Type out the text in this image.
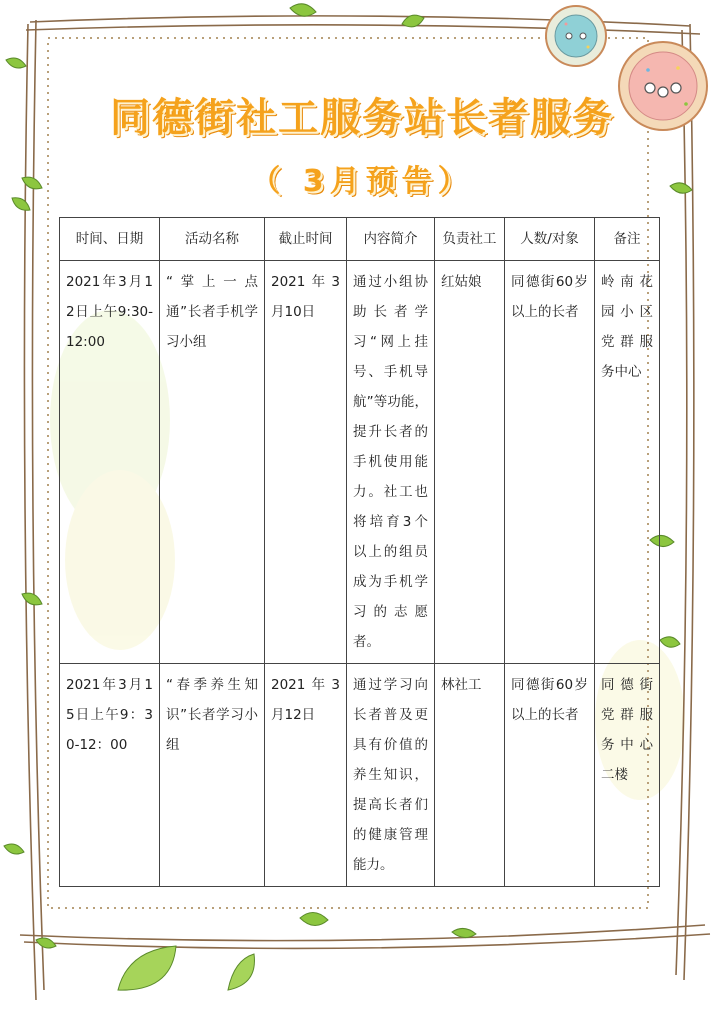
同德街社工服务站长者服务
（ 3月预告）
时间、日期	活动名称	截止时间	内容简介	负责社工	人数/对象	备注
2021年3月12日上午9:30-12:00	“掌上一点通”长者手机学习小组	2021年3月10日	通过小组协助长者学习“网上挂号、手机导航”等功能，提升长者的手机使用能力。社工也将培育3个以上的组员成为手机学习的志愿者。	红姑娘	同德街60岁以上的长者	岭南花园小区党群服务中心
2021年3月15日上午9：30-12：00	“春季养生知识”长者学习小组	2021年3月12日	通过学习向长者普及更具有价值的养生知识，提高长者们的健康管理能力。	林社工	同德街60岁以上的长者	同德街党群服务中心二楼
